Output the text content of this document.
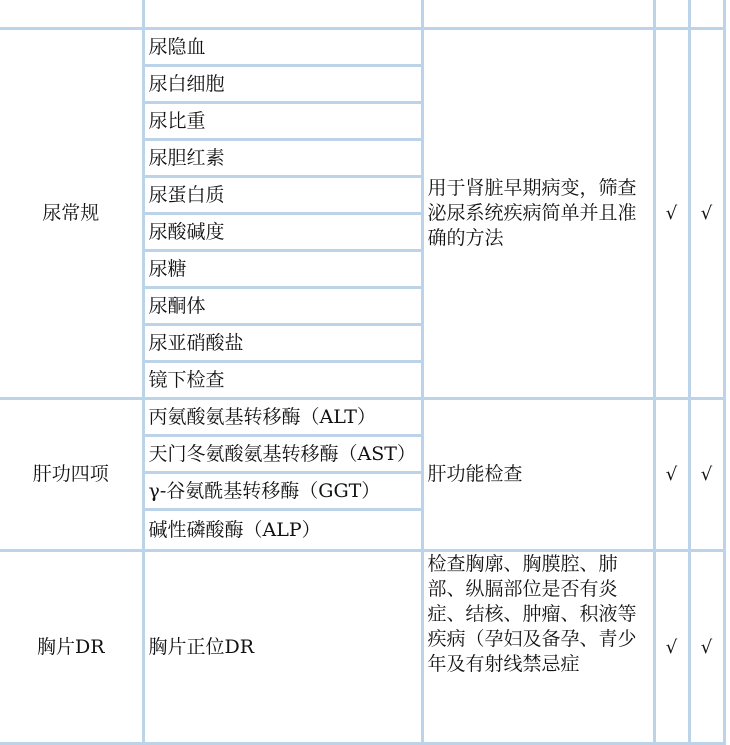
尿常规	尿隐血	用于肾脏早期病变，筛查泌尿系统疾病简单并且准确的方法	√	√
	尿白细胞			
	尿比重			
	尿胆红素			
	尿蛋白质			
	尿酸碱度			
	尿糖			
	尿酮体			
	尿亚硝酸盐			
	镜下检查			
肝功四项	丙氨酸氨基转移酶（ALT）	肝功能检查	√	√
	天门冬氨酸氨基转移酶（AST）			
	γ-谷氨酰基转移酶（GGT）			
	碱性磷酸酶（ALP）			
胸片DR	胸片正位DR	检查胸廓、胸膜腔、肺部、纵膈部位是否有炎症、结核、肿瘤、积液等疾病（孕妇及备孕、青少年及有射线禁忌症	√	√
